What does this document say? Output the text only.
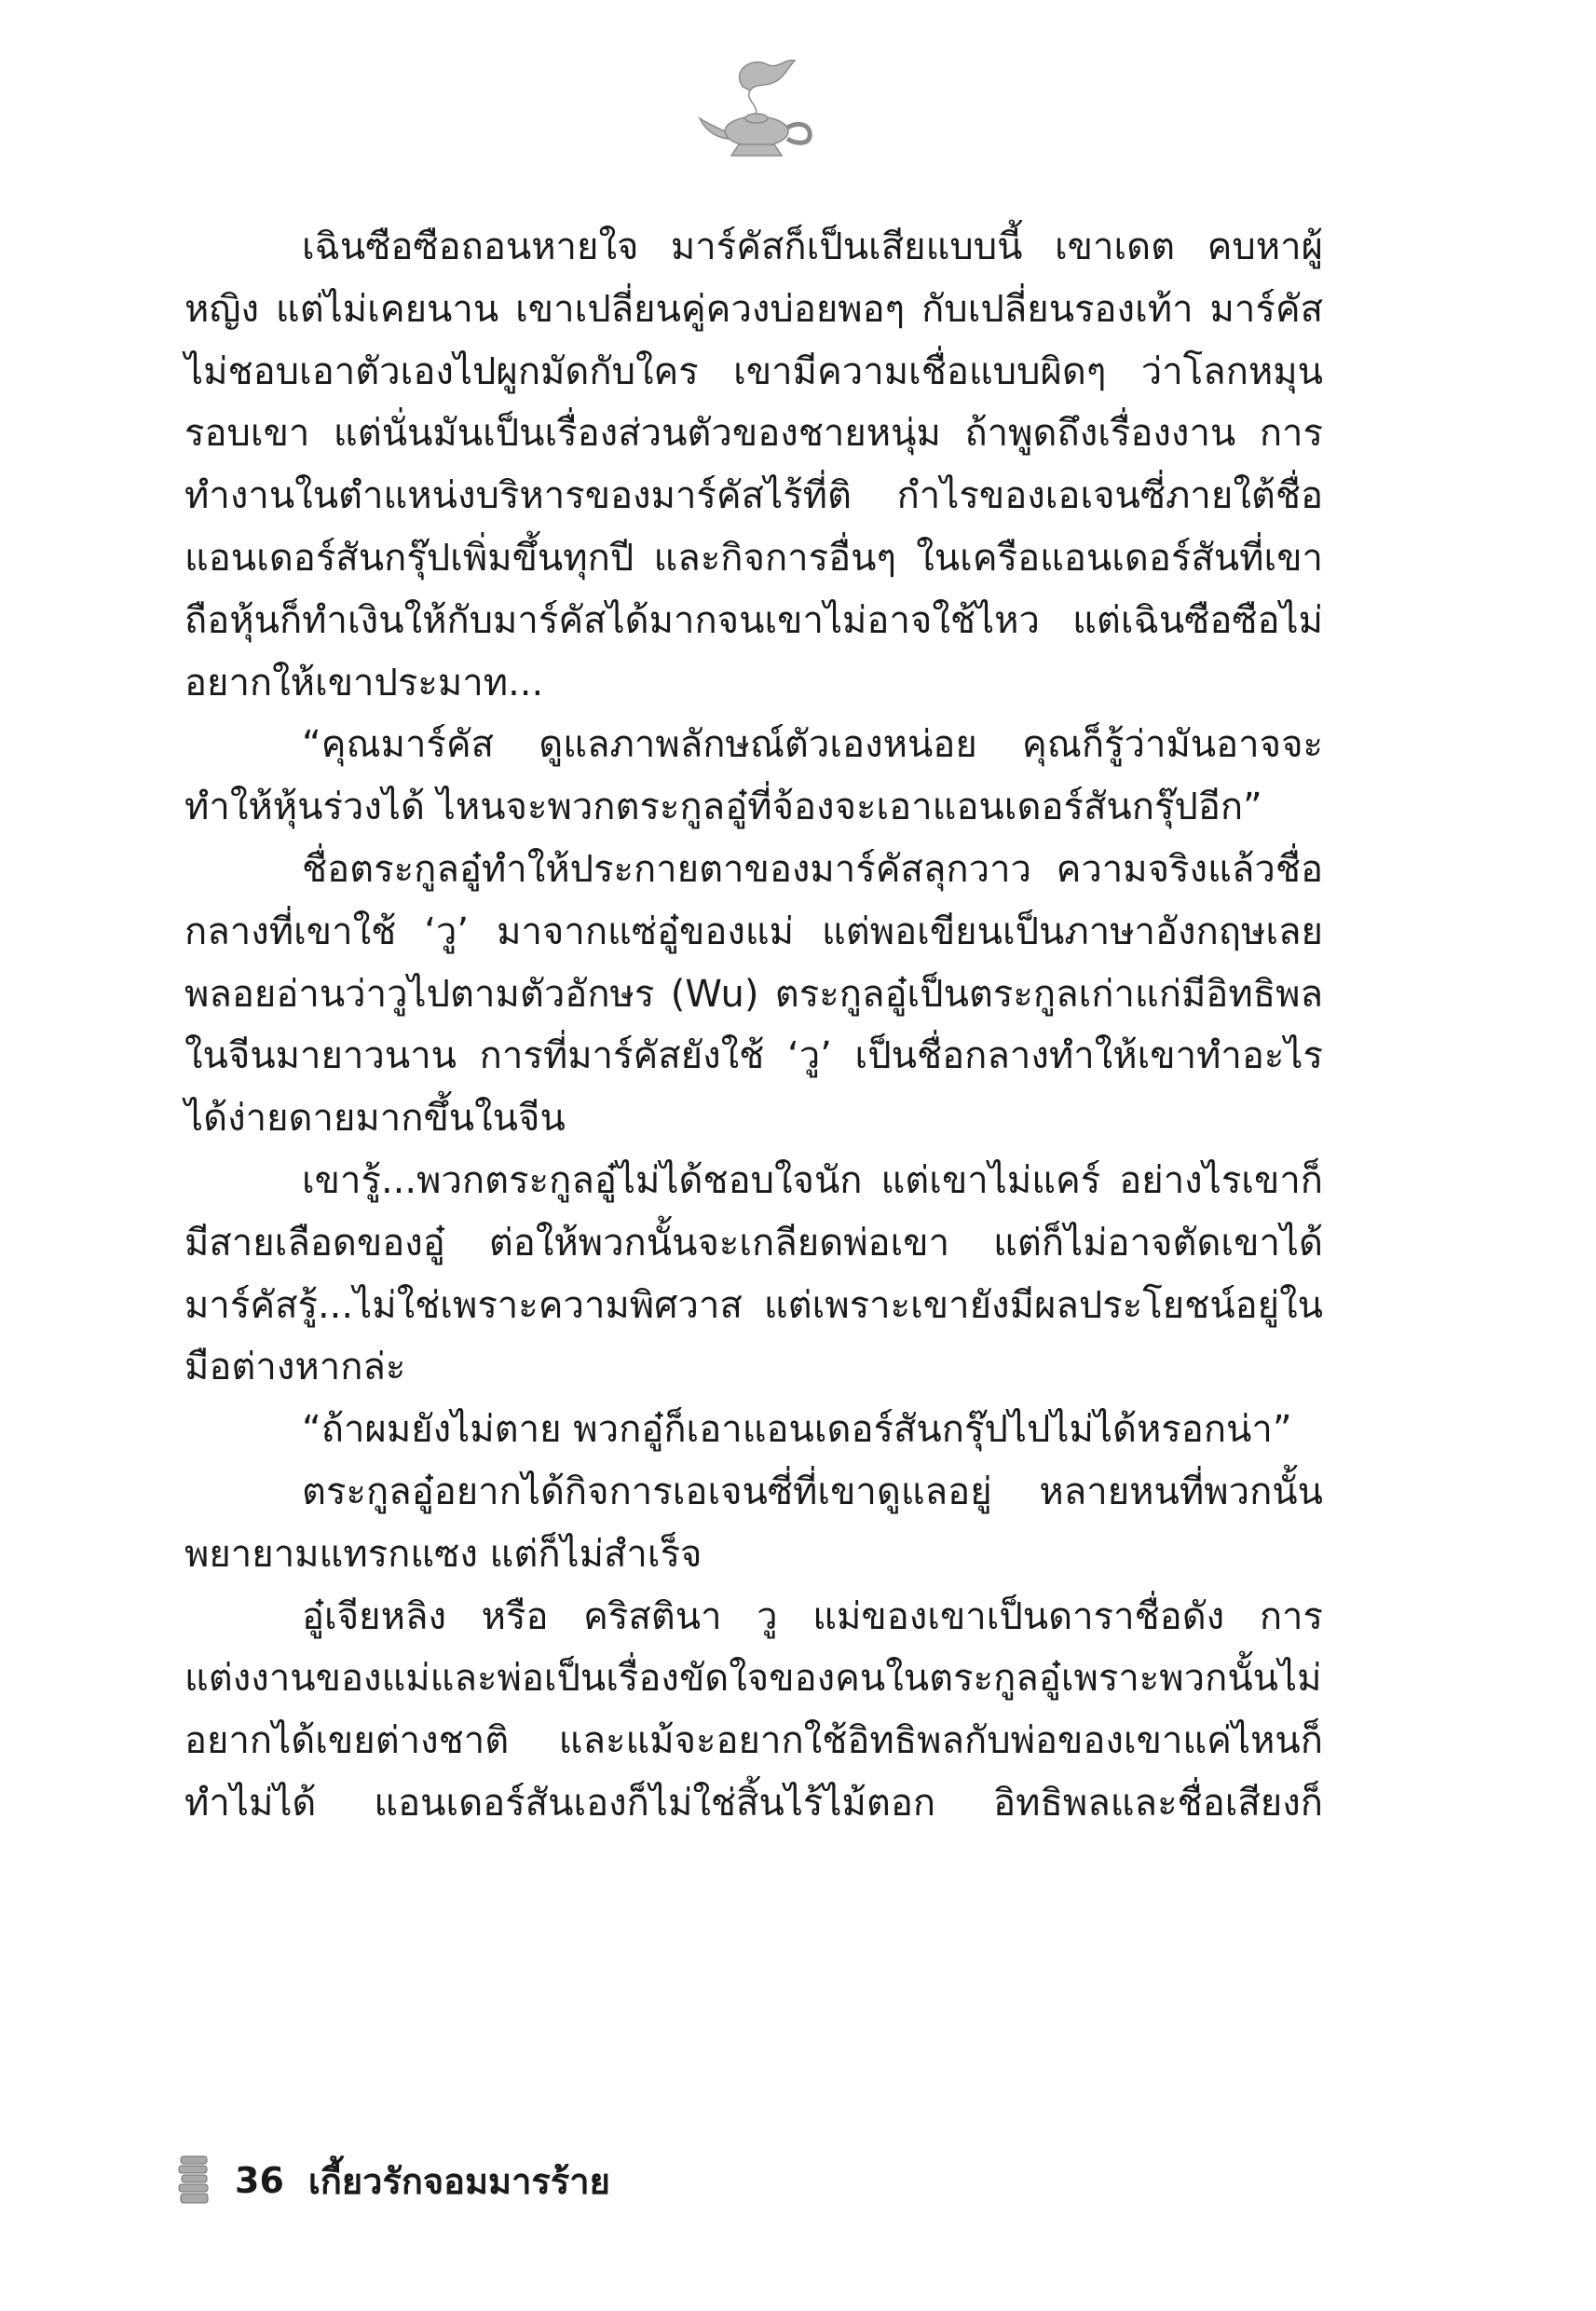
เฉินซือซือถอนหายใจ มาร์คัสก็เป็นเสียแบบนี้ เขาเดต คบหาผู้หญิง แต่ไม่เคยนาน เขาเปลี่ยนคู่ควงบ่อยพอๆ กับเปลี่ยนรองเท้า มาร์คัสไม่ชอบเอาตัวเองไปผูกมัดกับใคร เขามีความเชื่อแบบผิดๆ ว่าโลกหมุนรอบเขา แต่นั่นมันเป็นเรื่องส่วนตัวของชายหนุ่ม ถ้าพูดถึงเรื่องงาน การทำงานในตำแหน่งบริหารของมาร์คัสไร้ที่ติ กำไรของเอเจนซี่ภายใต้ชื่อแอนเดอร์สันกรุ๊ปเพิ่มขึ้นทุกปี และกิจการอื่นๆ ในเครือแอนเดอร์สันที่เขาถือหุ้นก็ทำเงินให้กับมาร์คัสได้มากจนเขาไม่อาจใช้ไหว แต่เฉินซือซือไม่อยากให้เขาประมาท...

“คุณมาร์คัส ดูแลภาพลักษณ์ตัวเองหน่อย คุณก็รู้ว่ามันอาจจะทำให้หุ้นร่วงได้ ไหนจะพวกตระกูลอู๋ที่จ้องจะเอาแอนเดอร์สันกรุ๊ปอีก”

ชื่อตระกูลอู๋ทำให้ประกายตาของมาร์คัสลุกวาว ความจริงแล้วชื่อกลางที่เขาใช้ ‘วู’ มาจากแซ่อู๋ของแม่ แต่พอเขียนเป็นภาษาอังกฤษเลยพลอยอ่านว่าวูไปตามตัวอักษร (Wu) ตระกูลอู๋เป็นตระกูลเก่าแก่มีอิทธิพลในจีนมายาวนาน การที่มาร์คัสยังใช้ ‘วู’ เป็นชื่อกลางทำให้เขาทำอะไรได้ง่ายดายมากขึ้นในจีน

เขารู้...พวกตระกูลอู๋ไม่ได้ชอบใจนัก แต่เขาไม่แคร์ อย่างไรเขาก็มีสายเลือดของอู๋ ต่อให้พวกนั้นจะเกลียดพ่อเขา แต่ก็ไม่อาจตัดเขาได้ มาร์คัสรู้...ไม่ใช่เพราะความพิศวาส แต่เพราะเขายังมีผลประโยชน์อยู่ในมือต่างหากล่ะ

“ถ้าผมยังไม่ตาย พวกอู๋ก็เอาแอนเดอร์สันกรุ๊ปไปไม่ได้หรอกน่า”

ตระกูลอู๋อยากได้กิจการเอเจนซี่ที่เขาดูแลอยู่ หลายหนที่พวกนั้นพยายามแทรกแซง แต่ก็ไม่สำเร็จ

อู๋เจียหลิง หรือ คริสตินา วู แม่ของเขาเป็นดาราชื่อดัง การแต่งงานของแม่และพ่อเป็นเรื่องขัดใจของคนในตระกูลอู๋เพราะพวกนั้นไม่อยากได้เขยต่างชาติ และแม้จะอยากใช้อิทธิพลกับพ่อของเขาแค่ไหนก็ทำไม่ได้ แอนเดอร์สันเองก็ไม่ใช่สิ้นไร้ไม้ตอก อิทธิพลและชื่อเสียงก็

36 เกี้ยวรักจอมมารร้าย
